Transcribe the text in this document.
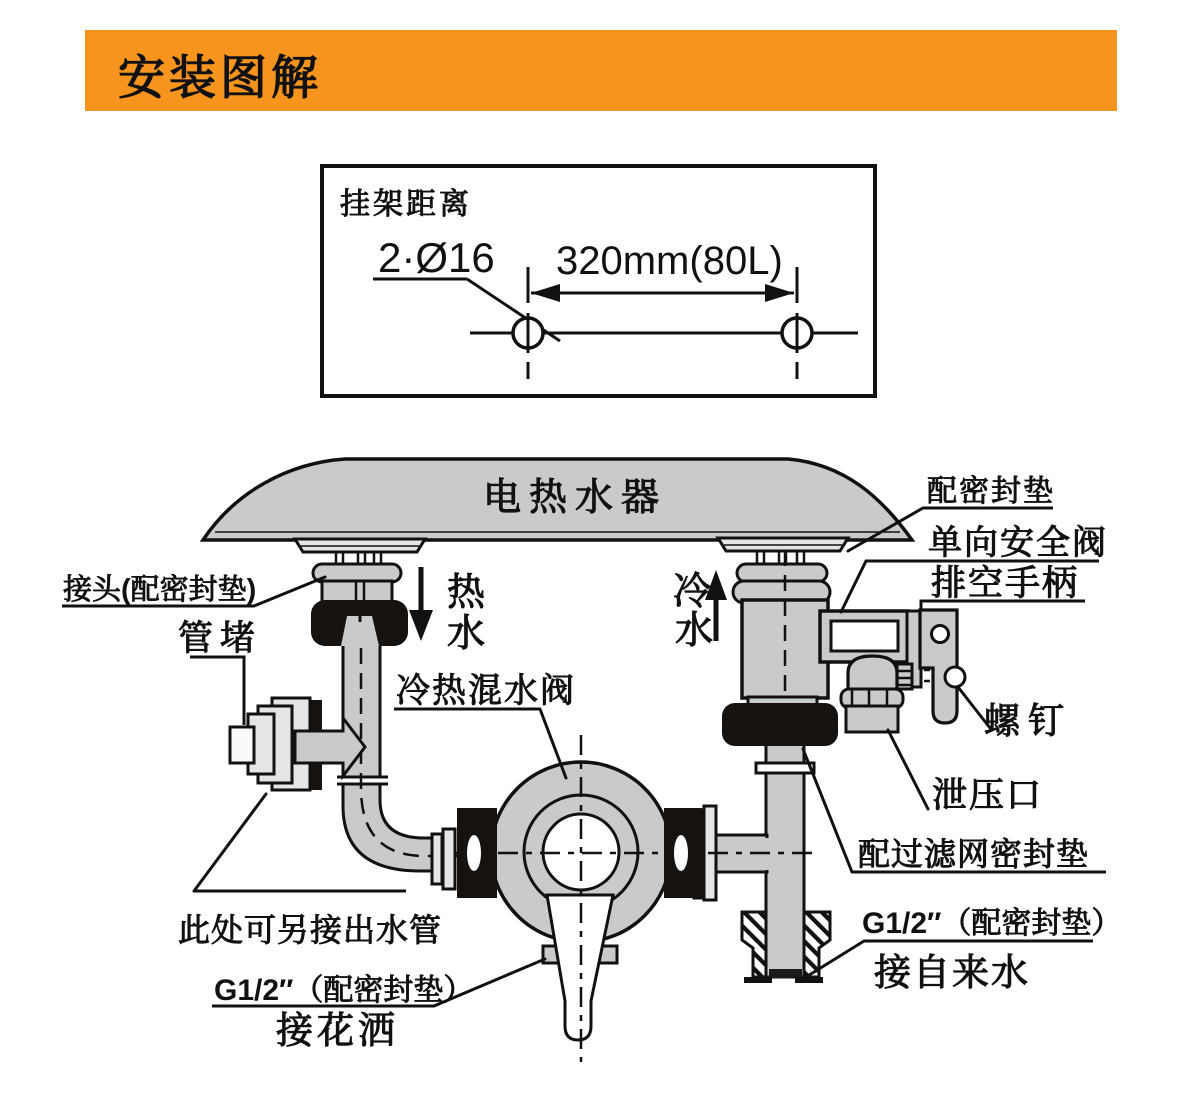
安装图解
挂架距离
2·Ø16 320mm(80L)
电热水器
热
水
冷
水
配密封垫
单向安全阀
排空手柄
螺钉
泄压口
配过滤网密封垫
G1/2″（配密封垫）
接自来水
接头(配密封垫)
管堵
冷热混水阀
此处可另接出水管
G1/2″（配密封垫）
接花洒
